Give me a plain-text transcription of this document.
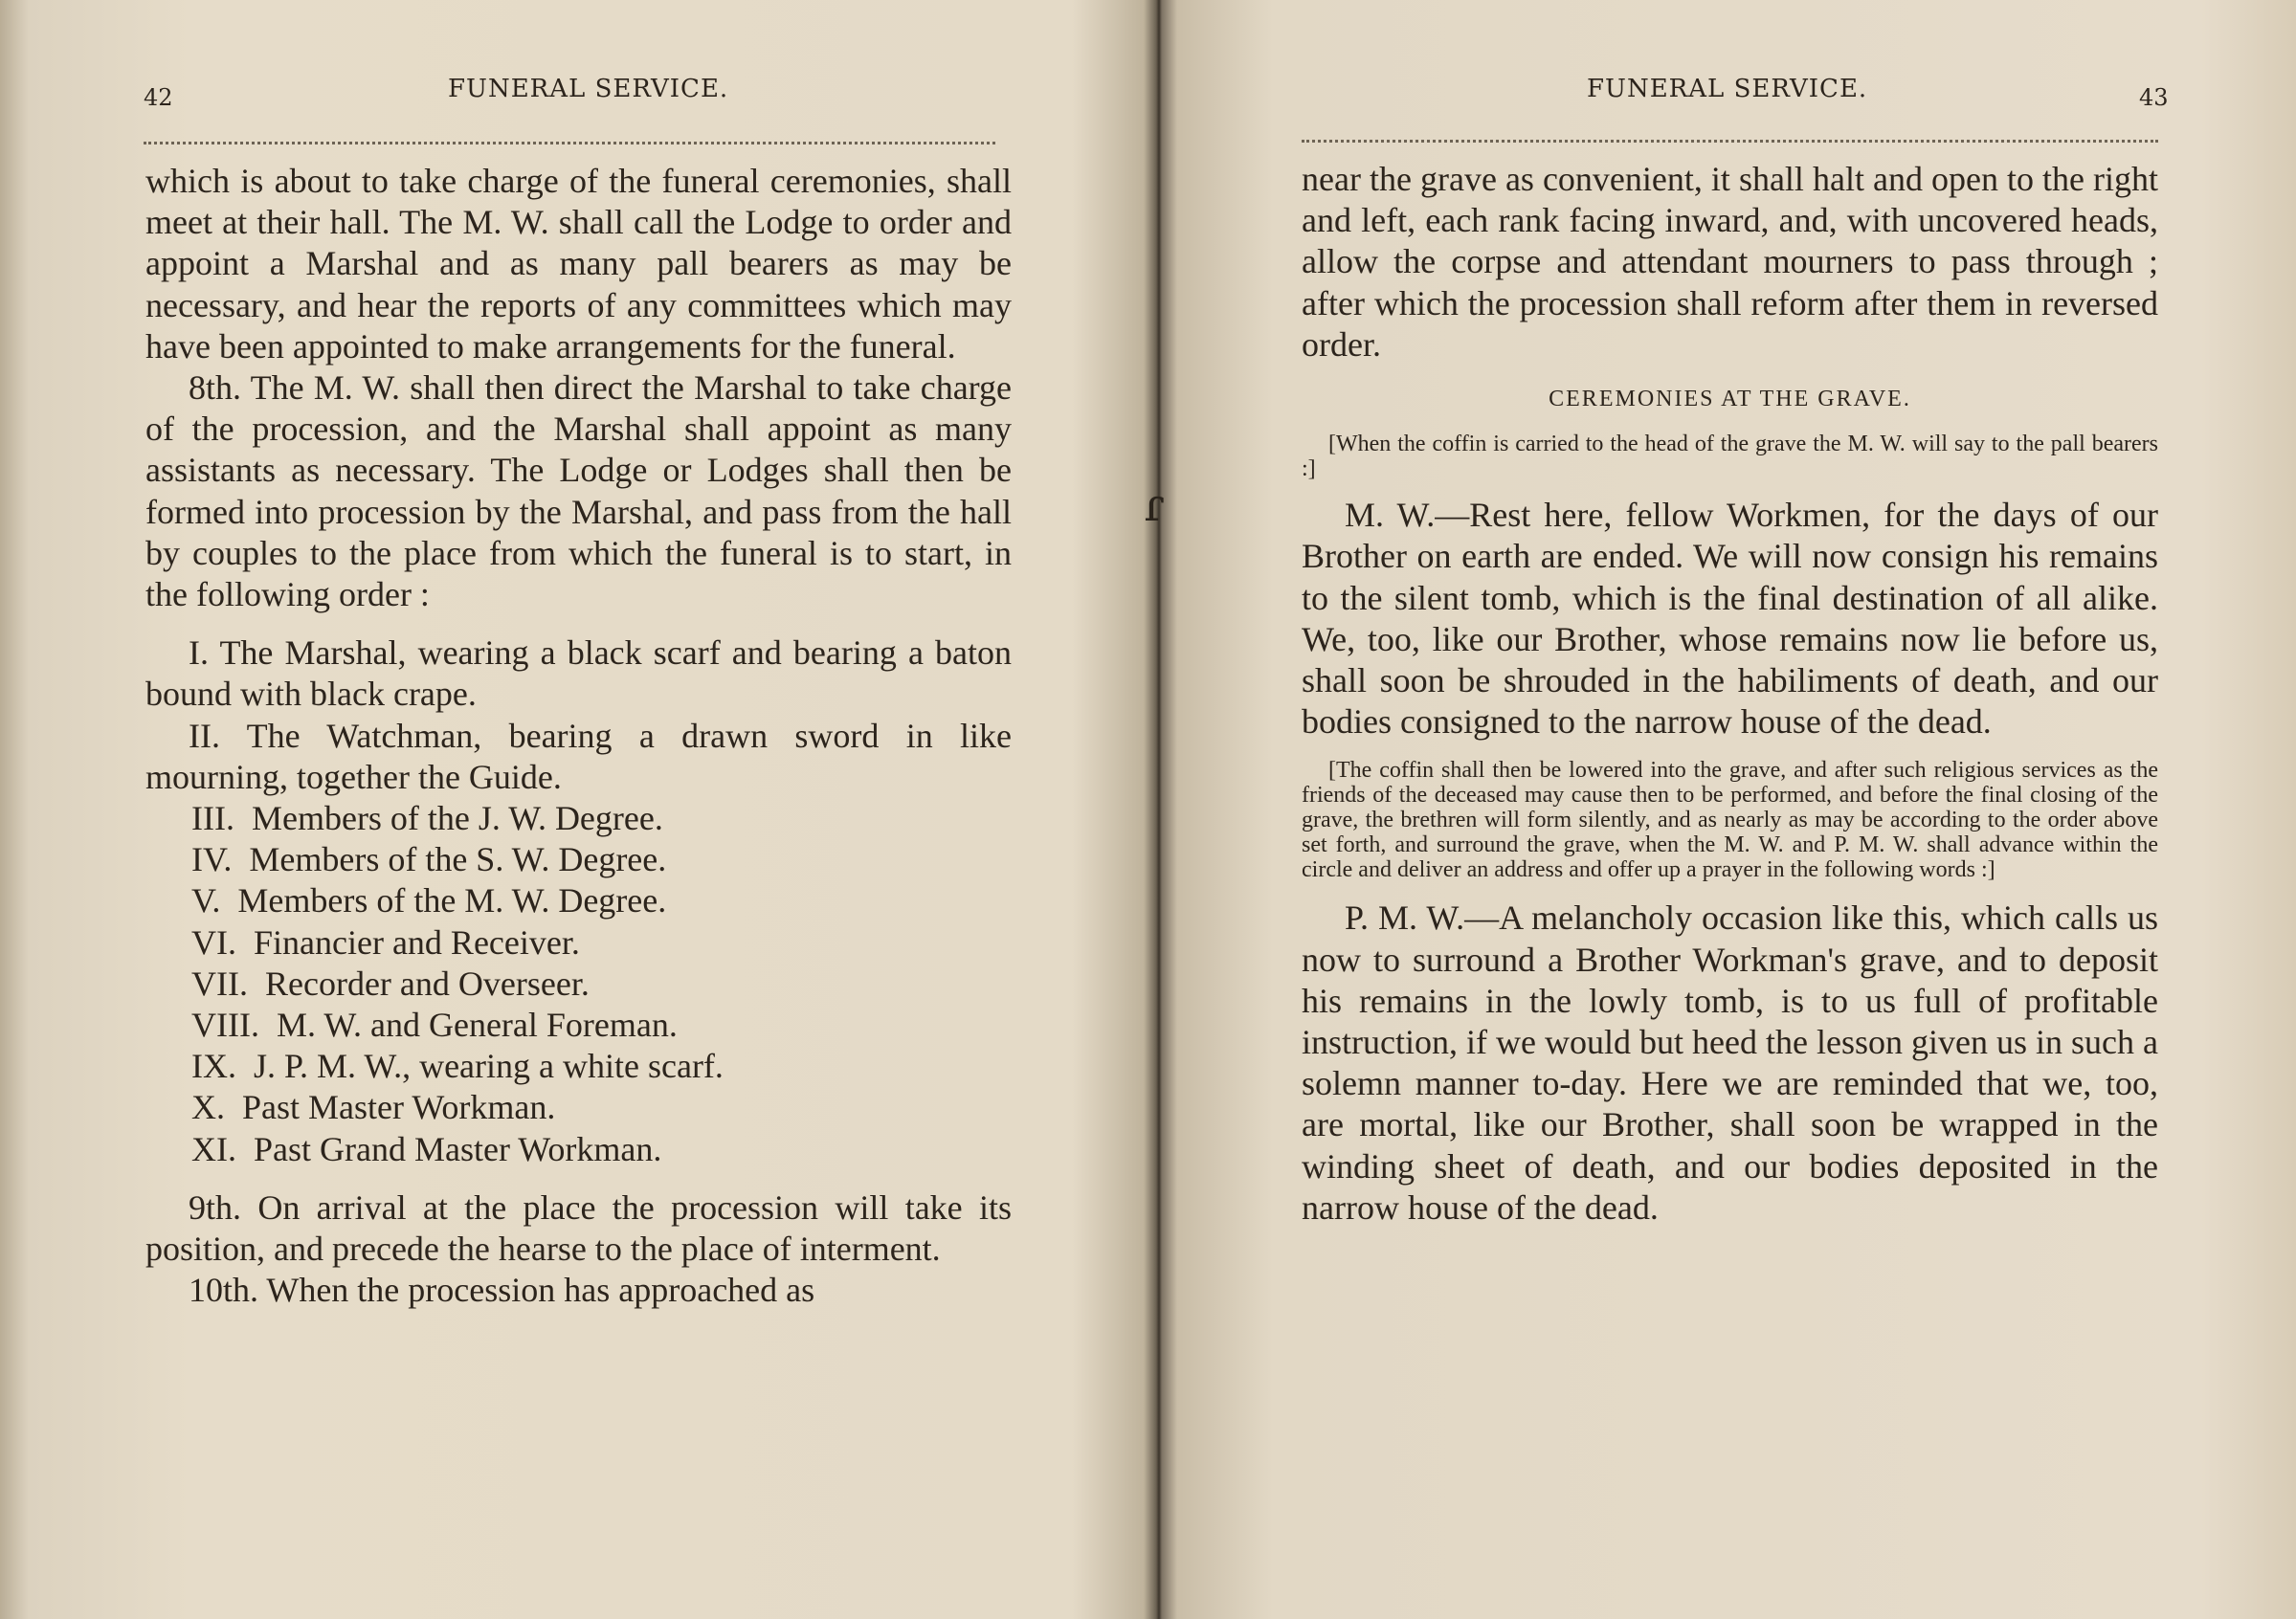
42	FUNERAL SERVICE.

which is about to take charge of the funeral ceremonies, shall meet at their hall. The M. W. shall call the Lodge to order and appoint a Marshal and as many pall bearers as may be necessary, and hear the reports of any committees which may have been appointed to make arrangements for the funeral.

8th. The M. W. shall then direct the Marshal to take charge of the procession, and the Marshal shall appoint as many assistants as necessary. The Lodge or Lodges shall then be formed into procession by the Marshal, and pass from the hall by couples to the place from which the funeral is to start, in the following order :

I. The Marshal, wearing a black scarf and bearing a baton bound with black crape.

II. The Watchman, bearing a drawn sword in like mourning, together the Guide.

III. Members of the J. W. Degree.

IV. Members of the S. W. Degree.

V. Members of the M. W. Degree.

VI. Financier and Receiver.

VII. Recorder and Overseer.

VIII. M. W. and General Foreman.

IX. J. P. M. W., wearing a white scarf.

X. Past Master Workman.

XI. Past Grand Master Workman.

9th. On arrival at the place the procession will take its position, and precede the hearse to the place of interment.

10th. When the procession has approached as

ɾ
FUNERAL SERVICE.	43

near the grave as convenient, it shall halt and open to the right and left, each rank facing inward, and, with uncovered heads, allow the corpse and attendant mourners to pass through ; after which the procession shall reform after them in reversed order.

CEREMONIES AT THE GRAVE.

[When the coffin is carried to the head of the grave the M. W. will say to the pall bearers :]

M. W.—Rest here, fellow Workmen, for the days of our Brother on earth are ended. We will now consign his remains to the silent tomb, which is the final destination of all alike. We, too, like our Brother, whose remains now lie before us, shall soon be shrouded in the habiliments of death, and our bodies consigned to the narrow house of the dead.

[The coffin shall then be lowered into the grave, and after such religious services as the friends of the deceased may cause then to be performed, and before the final closing of the grave, the brethren will form silently, and as nearly as may be according to the order above set forth, and surround the grave, when the M. W. and P. M. W. shall advance within the circle and deliver an address and offer up a prayer in the following words :]

P. M. W.—A melancholy occasion like this, which calls us now to surround a Brother Workman's grave, and to deposit his remains in the lowly tomb, is to us full of profitable instruction, if we would but heed the lesson given us in such a solemn manner to-day. Here we are reminded that we, too, are mortal, like our Brother, shall soon be wrapped in the winding sheet of death, and our bodies deposited in the narrow house of the dead.
